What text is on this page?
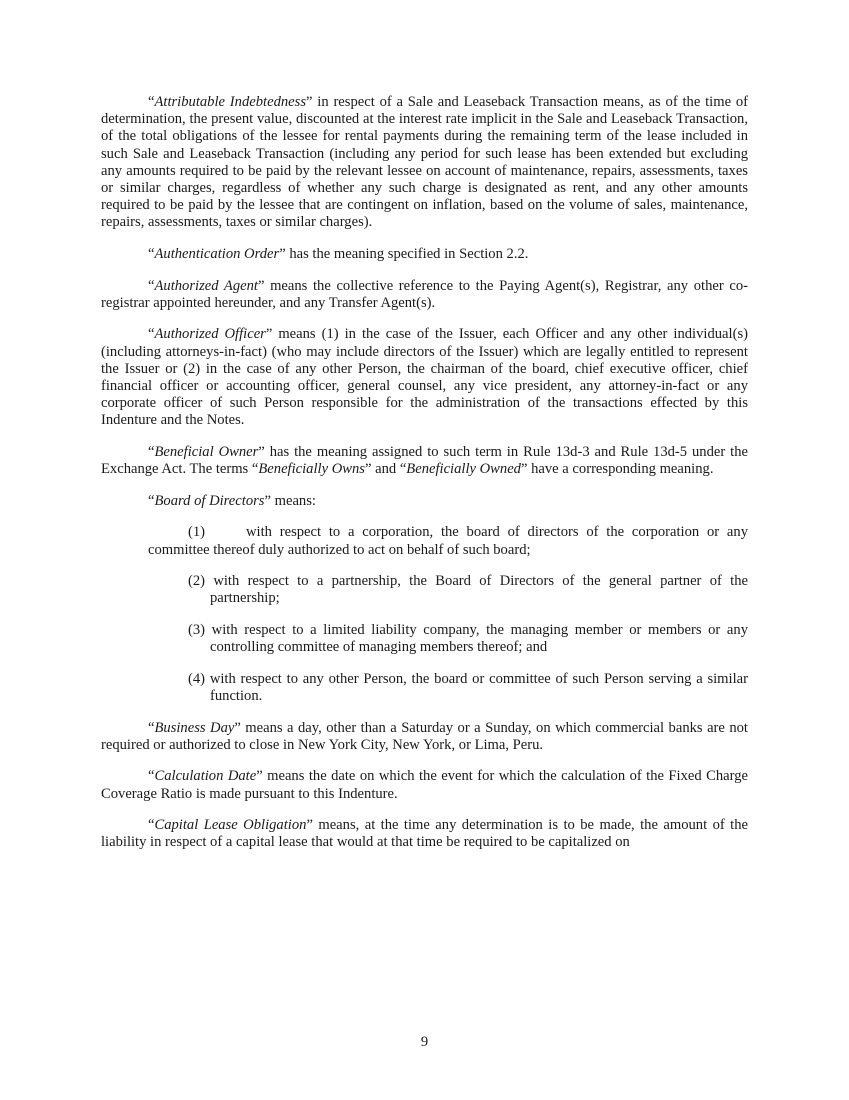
“Attributable Indebtedness” in respect of a Sale and Leaseback Transaction means, as of the time of determination, the present value, discounted at the interest rate implicit in the Sale and Leaseback Transaction, of the total obligations of the lessee for rental payments during the remaining term of the lease included in such Sale and Leaseback Transaction (including any period for such lease has been extended but excluding any amounts required to be paid by the relevant lessee on account of maintenance, repairs, assessments, taxes or similar charges, regardless of whether any such charge is designated as rent, and any other amounts required to be paid by the lessee that are contingent on inflation, based on the volume of sales, maintenance, repairs, assessments, taxes or similar charges).

“Authentication Order” has the meaning specified in Section 2.2.

“Authorized Agent” means the collective reference to the Paying Agent(s), Registrar, any other co-registrar appointed hereunder, and any Transfer Agent(s).

“Authorized Officer” means (1) in the case of the Issuer, each Officer and any other individual(s) (including attorneys-in-fact) (who may include directors of the Issuer) which are legally entitled to represent the Issuer or (2) in the case of any other Person, the chairman of the board, chief executive officer, chief financial officer or accounting officer, general counsel, any vice president, any attorney-in-fact or any corporate officer of such Person responsible for the administration of the transactions effected by this Indenture and the Notes.

“Beneficial Owner” has the meaning assigned to such term in Rule 13d-3 and Rule 13d-5 under the Exchange Act. The terms “Beneficially Owns” and “Beneficially Owned” have a corresponding meaning.

“Board of Directors” means:

(1)	with respect to a corporation, the board of directors of the corporation or any committee thereof duly authorized to act on behalf of such board;

(2) with respect to a partnership, the Board of Directors of the general partner of the partnership;

(3) with respect to a limited liability company, the managing member or members or any controlling committee of managing members thereof; and

(4) with respect to any other Person, the board or committee of such Person serving a similar function.

“Business Day” means a day, other than a Saturday or a Sunday, on which commercial banks are not required or authorized to close in New York City, New York, or Lima, Peru.

“Calculation Date” means the date on which the event for which the calculation of the Fixed Charge Coverage Ratio is made pursuant to this Indenture.

“Capital Lease Obligation” means, at the time any determination is to be made, the amount of the liability in respect of a capital lease that would at that time be required to be capitalized on

9
